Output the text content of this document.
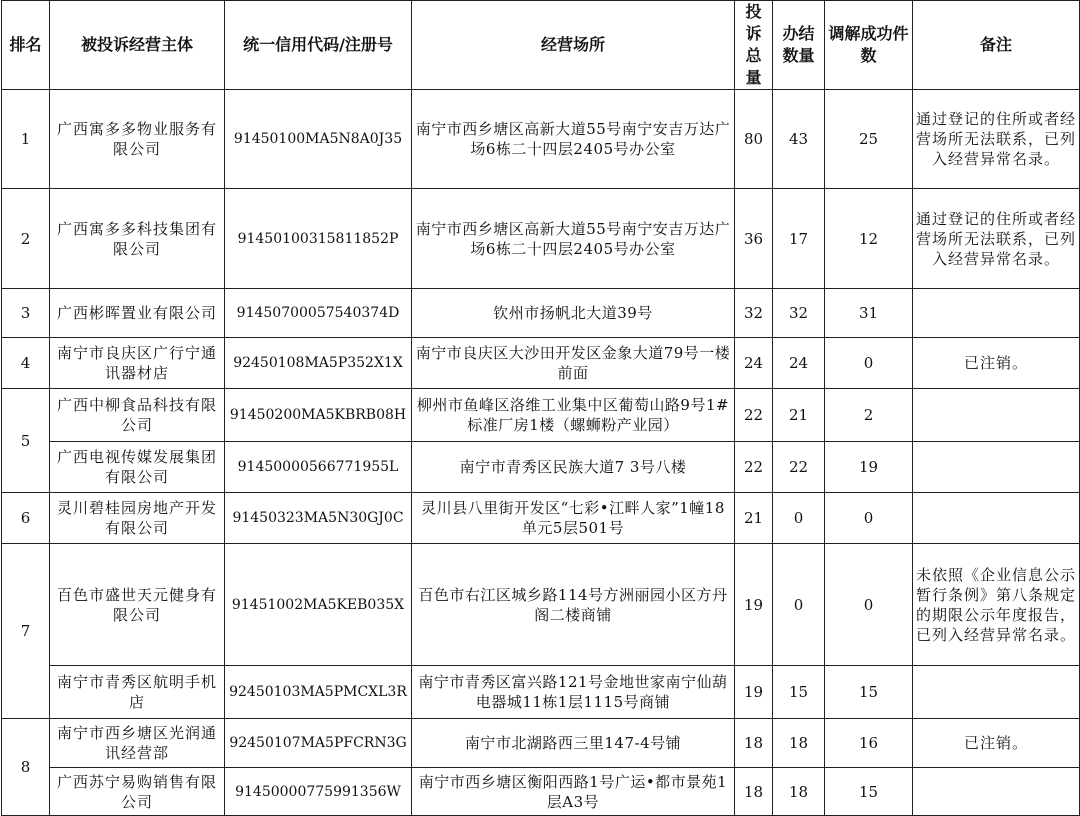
排名	被投诉经营主体	统一信用代码/注册号	经营场所	投诉总量	办结数量	调解成功件数	备注
1	广西寓多多物业服务有限公司	91450100MA5N8A0J35	南宁市西乡塘区高新大道55号南宁安吉万达广场6栋二十四层2405号办公室	80	43	25	通过登记的住所或者经营场所无法联系，已列入经营异常名录。
2	广西寓多多科技集团有限公司	91450100315811852P	南宁市西乡塘区高新大道55号南宁安吉万达广场6栋二十四层2405号办公室	36	17	12	通过登记的住所或者经营场所无法联系，已列入经营异常名录。
3	广西彬晖置业有限公司	91450700057540374D	钦州市扬帆北大道39号	32	32	31	
4	南宁市良庆区广行宁通讯器材店	92450108MA5P352X1X	南宁市良庆区大沙田开发区金象大道79号一楼前面	24	24	0	已注销。
5	广西中柳食品科技有限公司	91450200MA5KBRB08H	柳州市鱼峰区洛维工业集中区葡萄山路9号1#标准厂房1楼（螺蛳粉产业园）	22	21	2	
	广西电视传媒发展集团有限公司	91450000566771955L	南宁市青秀区民族大道7 3号八楼	22	22	19	
6	灵川碧桂园房地产开发有限公司	91450323MA5N30GJ0C	灵川县八里街开发区“七彩•江畔人家”1幢18单元5层501号	21	0	0	
7	百色市盛世天元健身有限公司	91451002MA5KEB035X	百色市右江区城乡路114号方洲丽园小区方丹阁二楼商铺	19	0	0	未依照《企业信息公示暂行条例》第八条规定的期限公示年度报告，已列入经营异常名录。
	南宁市青秀区航明手机店	92450103MA5PMCXL3R	南宁市青秀区富兴路121号金地世家南宁仙葫电器城11栋1层1115号商铺	19	15	15	
8	南宁市西乡塘区光润通讯经营部	92450107MA5PFCRN3G	南宁市北湖路西三里147-4号铺	18	18	16	已注销。
	广西苏宁易购销售有限公司	91450000775991356W	南宁市西乡塘区衡阳西路1号广运•都市景苑1层A3号	18	18	15	
